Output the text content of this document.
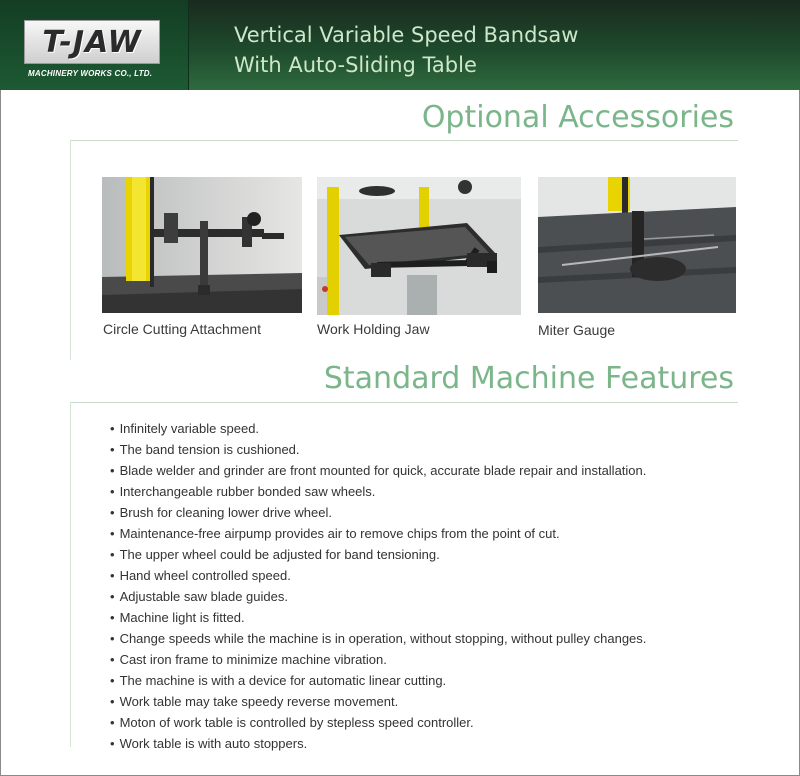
T-JAW
MACHINERY WORKS CO., LTD.
Vertical Variable Speed Bandsaw
With Auto-Sliding Table
Optional Accessories
Circle Cutting Attachment	Work Holding Jaw	Miter Gauge
Standard Machine Features
• Infinitely variable speed.
• The band tension is cushioned.
• Blade welder and grinder are front mounted for quick, accurate blade repair and installation.
• Interchangeable rubber bonded saw wheels.
• Brush for cleaning lower drive wheel.
• Maintenance-free airpump provides air to remove chips from the point of cut.
• The upper wheel could be adjusted for band tensioning.
• Hand wheel controlled speed.
• Adjustable saw blade guides.
• Machine light is fitted.
• Change speeds while the machine is in operation, without stopping, without pulley changes.
• Cast iron frame to minimize machine vibration.
• The machine is with a device for automatic linear cutting.
• Work table may take speedy reverse movement.
• Moton of work table is controlled by stepless speed controller.
• Work table is with auto stoppers.
